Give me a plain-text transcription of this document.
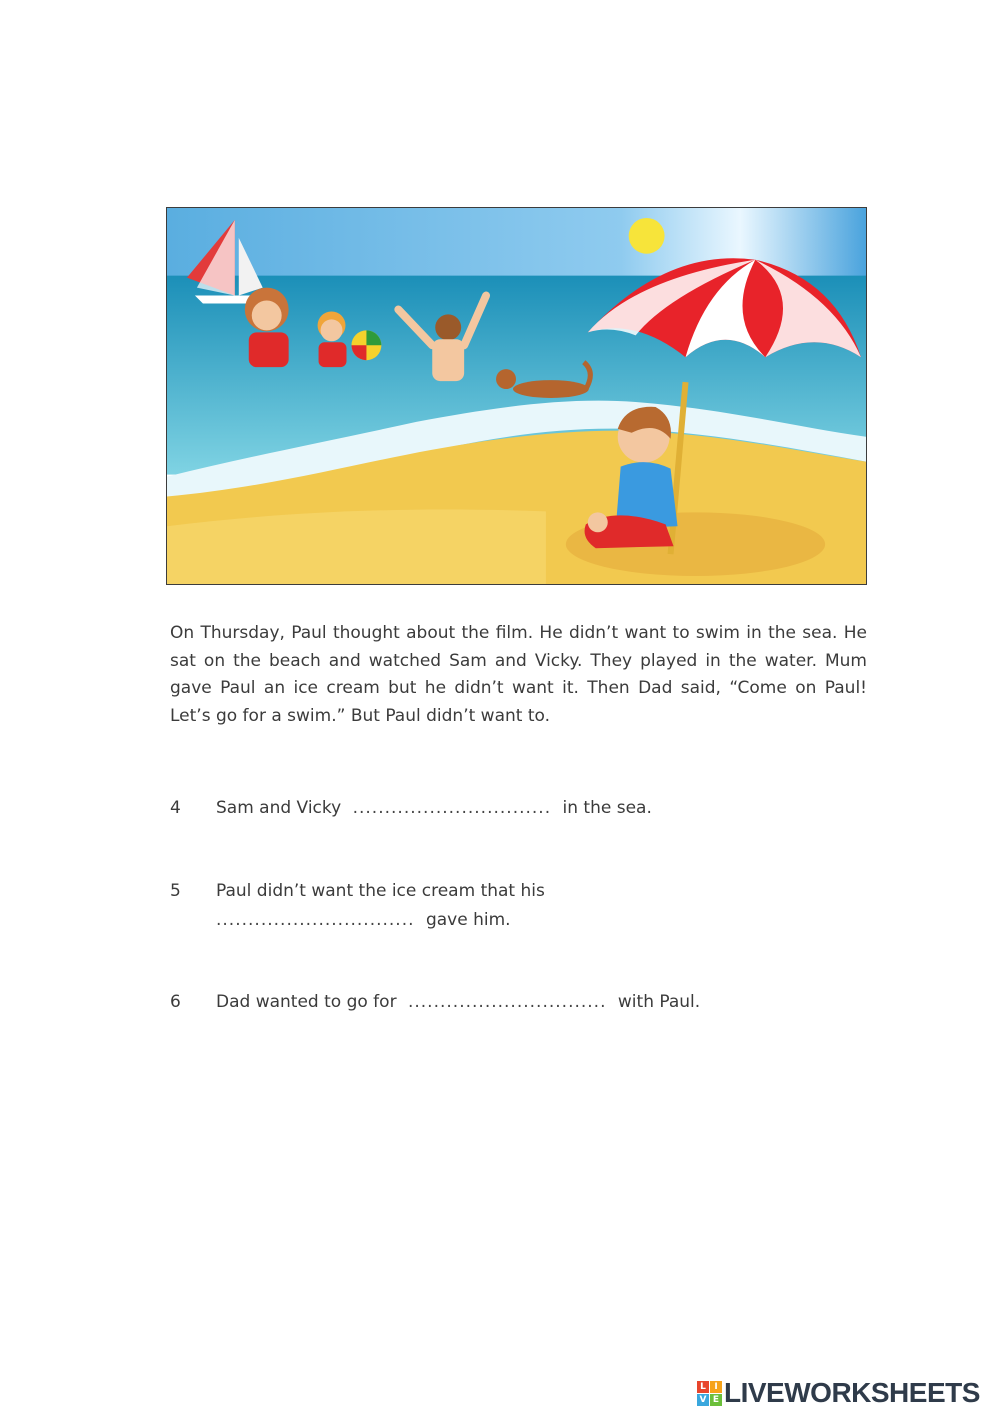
On Thursday, Paul thought about the film. He didn’t want to swim in the sea. He sat on the beach and watched Sam and Vicky. They played in the water. Mum gave Paul an ice cream but he didn’t want it. Then Dad said, “Come on Paul! Let’s go for a swim.” But Paul didn’t want to.

4 Sam and Vicky ............................... in the sea.
5 Paul didn’t want the ice cream that his
............................... gave him.
6 Dad wanted to go for ............................... with Paul.
L I
V E LIVEWORKSHEETS
